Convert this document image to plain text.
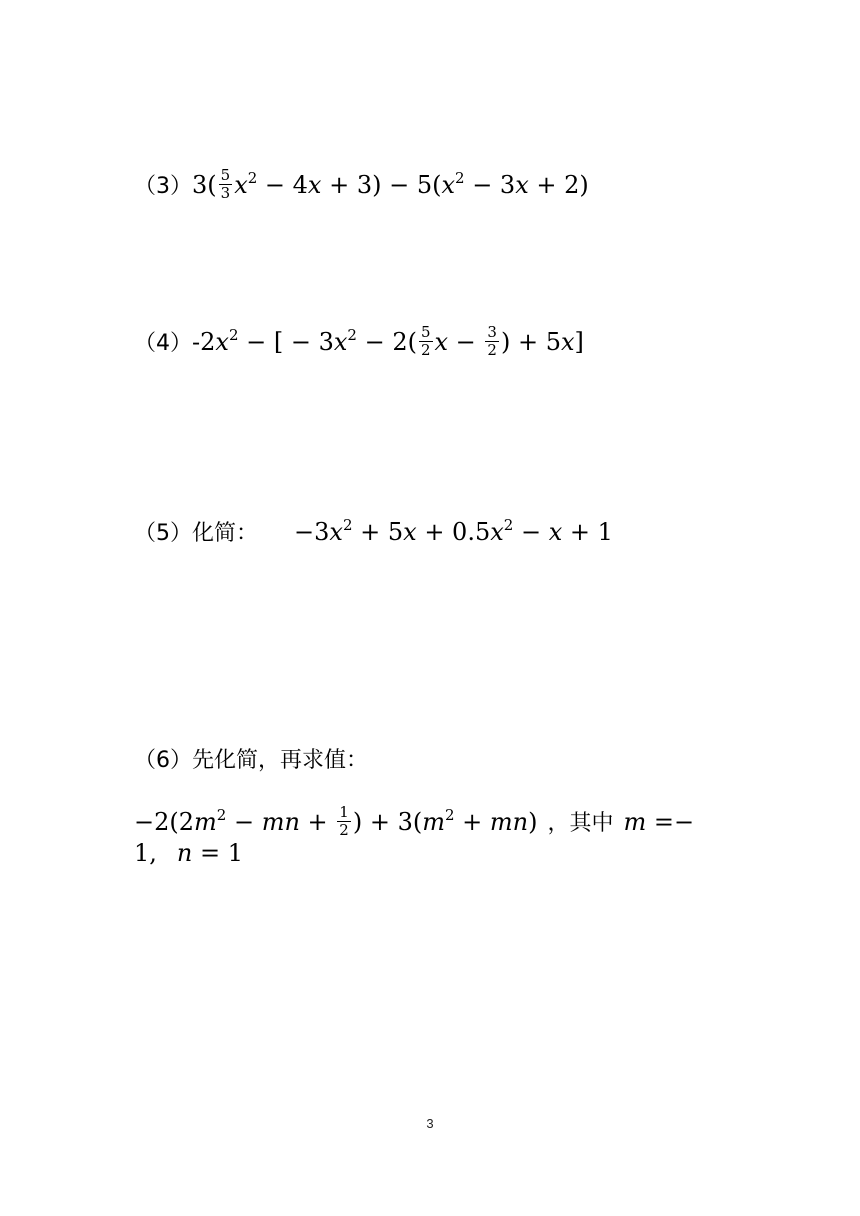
$(3)3( \frac{5}{3} x^2 - 4x + 3) - 5(x^2 - 3x + 2)$
$(4)-2x^2$ − [ − $3x^2 - 2( \frac{5}{2}$ $x - \frac{3}{2}$ ) + 5x]
（5）化简： $-3x^2 + 5x + 0.5x^2 - x + 1$
（6）先化简，再求值：
$-2(2m^2$ − mn + $\frac{1}{2}$ ) + $3(m^2 + mn)$ ，其中 m =−
1, n = 1
3
